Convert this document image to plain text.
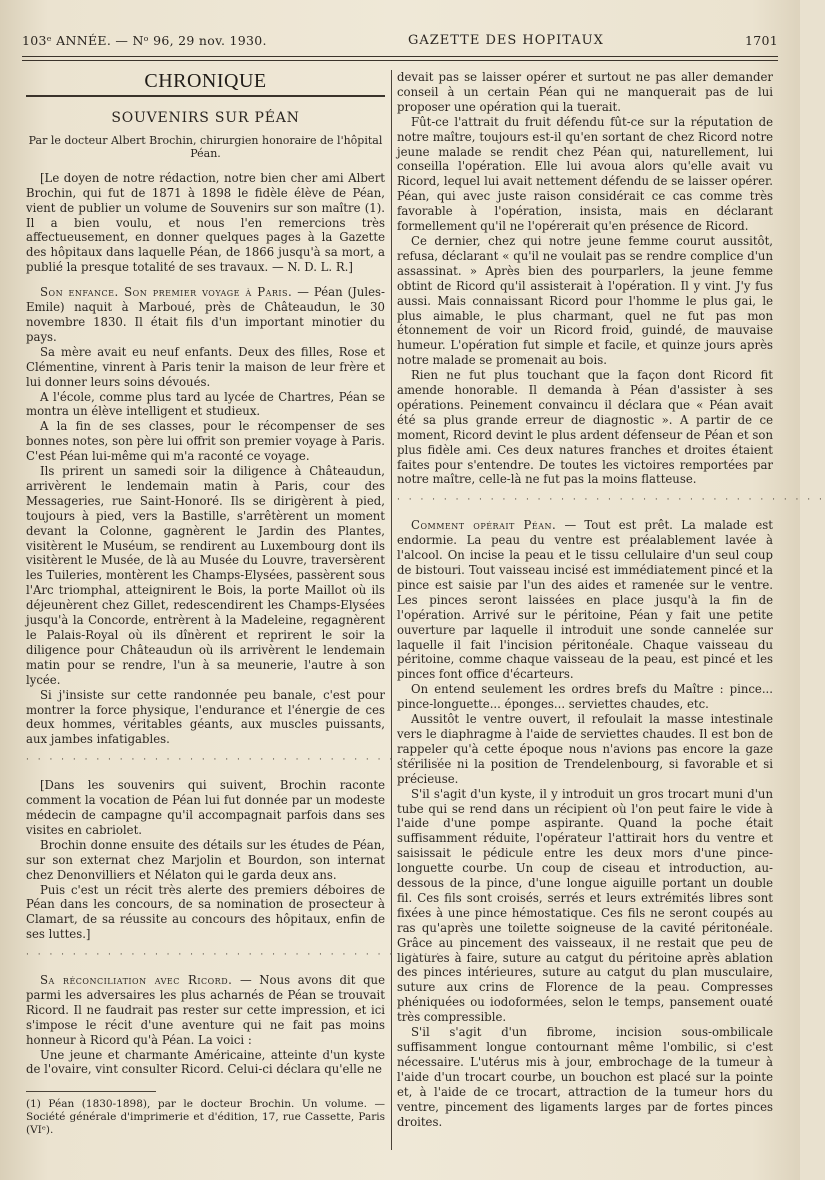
103ᵉ ANNÉE. — Nᵒ 96, 29 nov. 1930.	GAZETTE DES HOPITAUX	1701
CHRONIQUE
SOUVENIRS SUR PÉAN
Par le docteur Albert Brochin, chirurgien honoraire de l'hôpital Péan.

[Le doyen de notre rédaction, notre bien cher ami Albert Brochin, qui fut de 1871 à 1898 le fidèle élève de Péan, vient de publier un volume de Souvenirs sur son maître (1). Il a bien voulu, et nous l'en remercions très affectueusement, en donner quelques pages à la Gazette des hôpitaux dans laquelle Péan, de 1866 jusqu'à sa mort, a publié la presque totalité de ses travaux. — N. D. L. R.]

Son enfance. Son premier voyage à Paris. — Péan (Jules-Emile) naquit à Marboué, près de Châteaudun, le 30 novembre 1830. Il était fils d'un important minotier du pays.

Sa mère avait eu neuf enfants. Deux des filles, Rose et Clémentine, vinrent à Paris tenir la maison de leur frère et lui donner leurs soins dévoués.

A l'école, comme plus tard au lycée de Chartres, Péan se montra un élève intelligent et studieux.

A la fin de ses classes, pour le récompenser de ses bonnes notes, son père lui offrit son premier voyage à Paris. C'est Péan lui-même qui m'a raconté ce voyage.

Ils prirent un samedi soir la diligence à Châteaudun, arrivèrent le lendemain matin à Paris, cour des Messageries, rue Saint-Honoré. Ils se dirigèrent à pied, toujours à pied, vers la Bastille, s'arrêtèrent un moment devant la Colonne, gagnèrent le Jardin des Plantes, visitèrent le Muséum, se rendirent au Luxembourg dont ils visitèrent le Musée, de là au Musée du Louvre, traversèrent les Tuileries, montèrent les Champs-Elysées, passèrent sous l'Arc triomphal, atteignirent le Bois, la porte Maillot où ils déjeunèrent chez Gillet, redescendirent les Champs-Elysées jusqu'à la Concorde, entrèrent à la Madeleine, regagnèrent le Palais-Royal où ils dînèrent et reprirent le soir la diligence pour Châteaudun où ils arrivèrent le lendemain matin pour se rendre, l'un à sa meunerie, l'autre à son lycée.

Si j'insiste sur cette randonnée peu banale, c'est pour montrer la force physique, l'endurance et l'énergie de ces deux hommes, véritables géants, aux muscles puissants, aux jambes infatigables.

· · · · · · · · · · · · · · · · · · · · · · · · · · · · · · · · · · · ·

[Dans les souvenirs qui suivent, Brochin raconte comment la vocation de Péan lui fut donnée par un modeste médecin de campagne qu'il accompagnait parfois dans ses visites en cabriolet.

Brochin donne ensuite des détails sur les études de Péan, sur son externat chez Marjolin et Bourdon, son internat chez Denonvilliers et Nélaton qui le garda deux ans.

Puis c'est un récit très alerte des premiers déboires de Péan dans les concours, de sa nomination de prosecteur à Clamart, de sa réussite au concours des hôpitaux, enfin de ses luttes.]

· · · · · · · · · · · · · · · · · · · · · · · · · · · · · · · · · · · ·

Sa réconciliation avec Ricord. — Nous avons dit que parmi les adversaires les plus acharnés de Péan se trouvait Ricord. Il ne faudrait pas rester sur cette impression, et ici s'impose le récit d'une aventure qui ne fait pas moins honneur à Ricord qu'à Péan. La voici :

Une jeune et charmante Américaine, atteinte d'un kyste de l'ovaire, vint consulter Ricord. Celui-ci déclara qu'elle ne

(1) Péan (1830-1898), par le docteur Brochin. Un volume. — Société générale d'imprimerie et d'édition, 17, rue Cassette, Paris (VIᵉ).

devait pas se laisser opérer et surtout ne pas aller demander conseil à un certain Péan qui ne manquerait pas de lui proposer une opération qui la tuerait.

Fût-ce l'attrait du fruit défendu fût-ce sur la réputation de notre maître, toujours est-il qu'en sortant de chez Ricord notre jeune malade se rendit chez Péan qui, naturellement, lui conseilla l'opération. Elle lui avoua alors qu'elle avait vu Ricord, lequel lui avait nettement défendu de se laisser opérer. Péan, qui avec juste raison considérait ce cas comme très favorable à l'opération, insista, mais en déclarant formellement qu'il ne l'opérerait qu'en présence de Ricord.

Ce dernier, chez qui notre jeune femme courut aussitôt, refusa, déclarant « qu'il ne voulait pas se rendre complice d'un assassinat. » Après bien des pourparlers, la jeune femme obtint de Ricord qu'il assisterait à l'opération. Il y vint. J'y fus aussi. Mais connaissant Ricord pour l'homme le plus gai, le plus aimable, le plus charmant, quel ne fut pas mon étonnement de voir un Ricord froid, guindé, de mauvaise humeur. L'opération fut simple et facile, et quinze jours après notre malade se promenait au bois.

Rien ne fut plus touchant que la façon dont Ricord fit amende honorable. Il demanda à Péan d'assister à ses opérations. Peinement convaincu il déclara que « Péan avait été sa plus grande erreur de diagnostic ». A partir de ce moment, Ricord devint le plus ardent défenseur de Péan et son plus fidèle ami. Ces deux natures franches et droites étaient faites pour s'entendre. De toutes les victoires remportées par notre maître, celle-là ne fut pas la moins flatteuse.

· · · · · · · · · · · · · · · · · · · · · · · · · · · · · · · · · · · · ·

Comment opérait Péan. — Tout est prêt. La malade est endormie. La peau du ventre est préalablement lavée à l'alcool. On incise la peau et le tissu cellulaire d'un seul coup de bistouri. Tout vaisseau incisé est immédiatement pincé et la pince est saisie par l'un des aides et ramenée sur le ventre. Les pinces seront laissées en place jusqu'à la fin de l'opération. Arrivé sur le péritoine, Péan y fait une petite ouverture par laquelle il introduit une sonde cannelée sur laquelle il fait l'incision péritonéale. Chaque vaisseau du péritoine, comme chaque vaisseau de la peau, est pincé et les pinces font office d'écarteurs.

On entend seulement les ordres brefs du Maître : pince... pince-longuette... éponges... serviettes chaudes, etc.

Aussitôt le ventre ouvert, il refoulait la masse intestinale vers le diaphragme à l'aide de serviettes chaudes. Il est bon de rappeler qu'à cette époque nous n'avions pas encore la gaze stérilisée ni la position de Trendelenbourg, si favorable et si précieuse.

S'il s'agit d'un kyste, il y introduit un gros trocart muni d'un tube qui se rend dans un récipient où l'on peut faire le vide à l'aide d'une pompe aspirante. Quand la poche était suffisamment réduite, l'opérateur l'attirait hors du ventre et saisissait le pédicule entre les deux mors d'une pince-longuette courbe. Un coup de ciseau et introduction, au-dessous de la pince, d'une longue aiguille portant un double fil. Ces fils sont croisés, serrés et leurs extrémités libres sont fixées à une pince hémostatique. Ces fils ne seront coupés au ras qu'après une toilette soigneuse de la cavité péritonéale. Grâce au pincement des vaisseaux, il ne restait que peu de ligatures à faire, suture au catgut du péritoine après ablation des pinces intérieures, suture au catgut du plan musculaire, suture aux crins de Florence de la peau. Compresses phéniquées ou iodoformées, selon le temps, pansement ouaté très compressible.

S'il s'agit d'un fibrome, incision sous-ombilicale suffisamment longue contournant même l'ombilic, si c'est nécessaire. L'utérus mis à jour, embrochage de la tumeur à l'aide d'un trocart courbe, un bouchon est placé sur la pointe et, à l'aide de ce trocart, attraction de la tumeur hors du ventre, pincement des ligaments larges par de fortes pinces droites.
